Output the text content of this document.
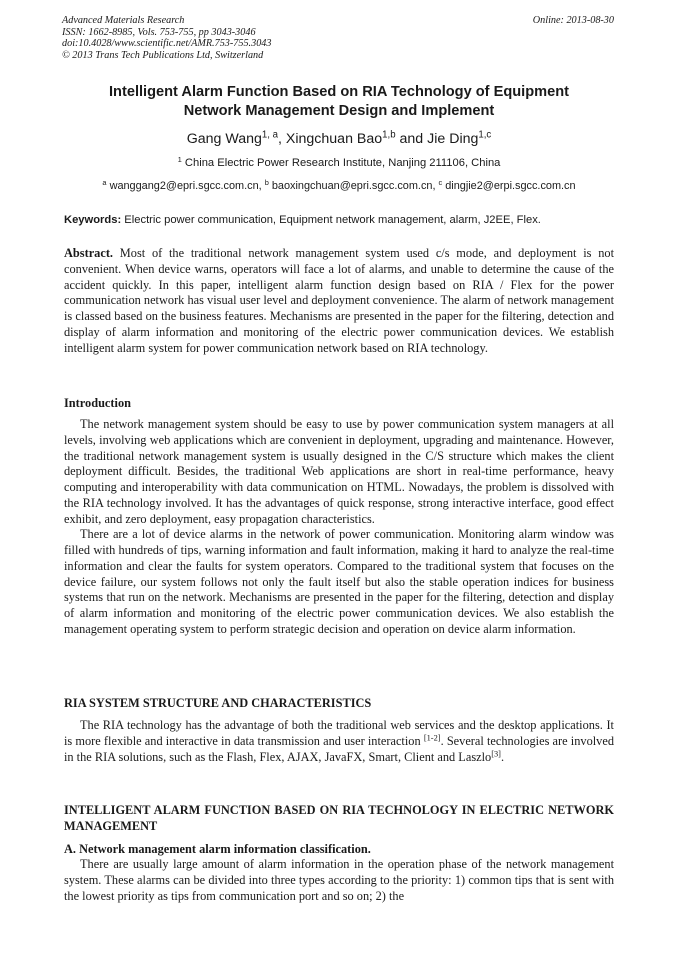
Advanced Materials Research
ISSN: 1662-8985, Vols. 753-755, pp 3043-3046
doi:10.4028/www.scientific.net/AMR.753-755.3043
© 2013 Trans Tech Publications Ltd, Switzerland
Online: 2013-08-30
Intelligent Alarm Function Based on RIA Technology of Equipment
Network Management Design and Implement
Gang Wang$^{1, a}$, Xingchuan Bao$^{1,b}$ and Jie Ding$^{1,c}$
$^1$ China Electric Power Research Institute, Nanjing 211106, China
$^a$ wanggang2@epri.sgcc.com.cn, $^b$ baoxingchuan@epri.sgcc.com.cn, $^c$ dingjie2@erpi.sgcc.com.cn
Keywords: Electric power communication, Equipment network management, alarm, J2EE, Flex.

Abstract. Most of the traditional network management system used c/s mode, and deployment is not convenient. When device warns, operators will face a lot of alarms, and unable to determine the cause of the accident quickly. In this paper, intelligent alarm function design based on RIA / Flex for the power communication network has visual user level and deployment convenience. The alarm of network management is classed based on the business features. Mechanisms are presented in the paper for the filtering, detection and display of alarm information and monitoring of the electric power communication devices. We establish intelligent alarm system for power communication network based on RIA technology.

Introduction

The network management system should be easy to use by power communication system managers at all levels, involving web applications which are convenient in deployment, upgrading and maintenance. However, the traditional network management system is usually designed in the C/S structure which makes the client deployment difficult. Besides, the traditional Web applications are short in real-time performance, heavy computing and interoperability with data communication on HTML. Nowadays, the problem is dissolved with the RIA technology involved. It has the advantages of quick response, strong interactive interface, good effect exhibit, and zero deployment, easy propagation characteristics.

There are a lot of device alarms in the network of power communication. Monitoring alarm window was filled with hundreds of tips, warning information and fault information, making it hard to analyze the real-time information and clear the faults for system operators. Compared to the traditional system that focuses on the device failure, our system follows not only the fault itself but also the stable operation indices for business systems that run on the network. Mechanisms are presented in the paper for the filtering, detection and display of alarm information and monitoring of the electric power communication devices. We also establish the management operating system to perform strategic decision and operation on device alarm information.

RIA SYSTEM STRUCTURE AND CHARACTERISTICS

The RIA technology has the advantage of both the traditional web services and the desktop applications. It is more flexible and interactive in data transmission and user interaction [1-2]. Several technologies are involved in the RIA solutions, such as the Flash, Flex, AJAX, JavaFX, Smart, Client and Laszlo[3].

INTELLIGENT ALARM FUNCTION BASED ON RIA TECHNOLOGY IN ELECTRIC NETWORK MANAGEMENT
A. Network management alarm information classification.

There are usually large amount of alarm information in the operation phase of the network management system. These alarms can be divided into three types according to the priority: 1) common tips that is sent with the lowest priority as tips from communication port and so on; 2) the
